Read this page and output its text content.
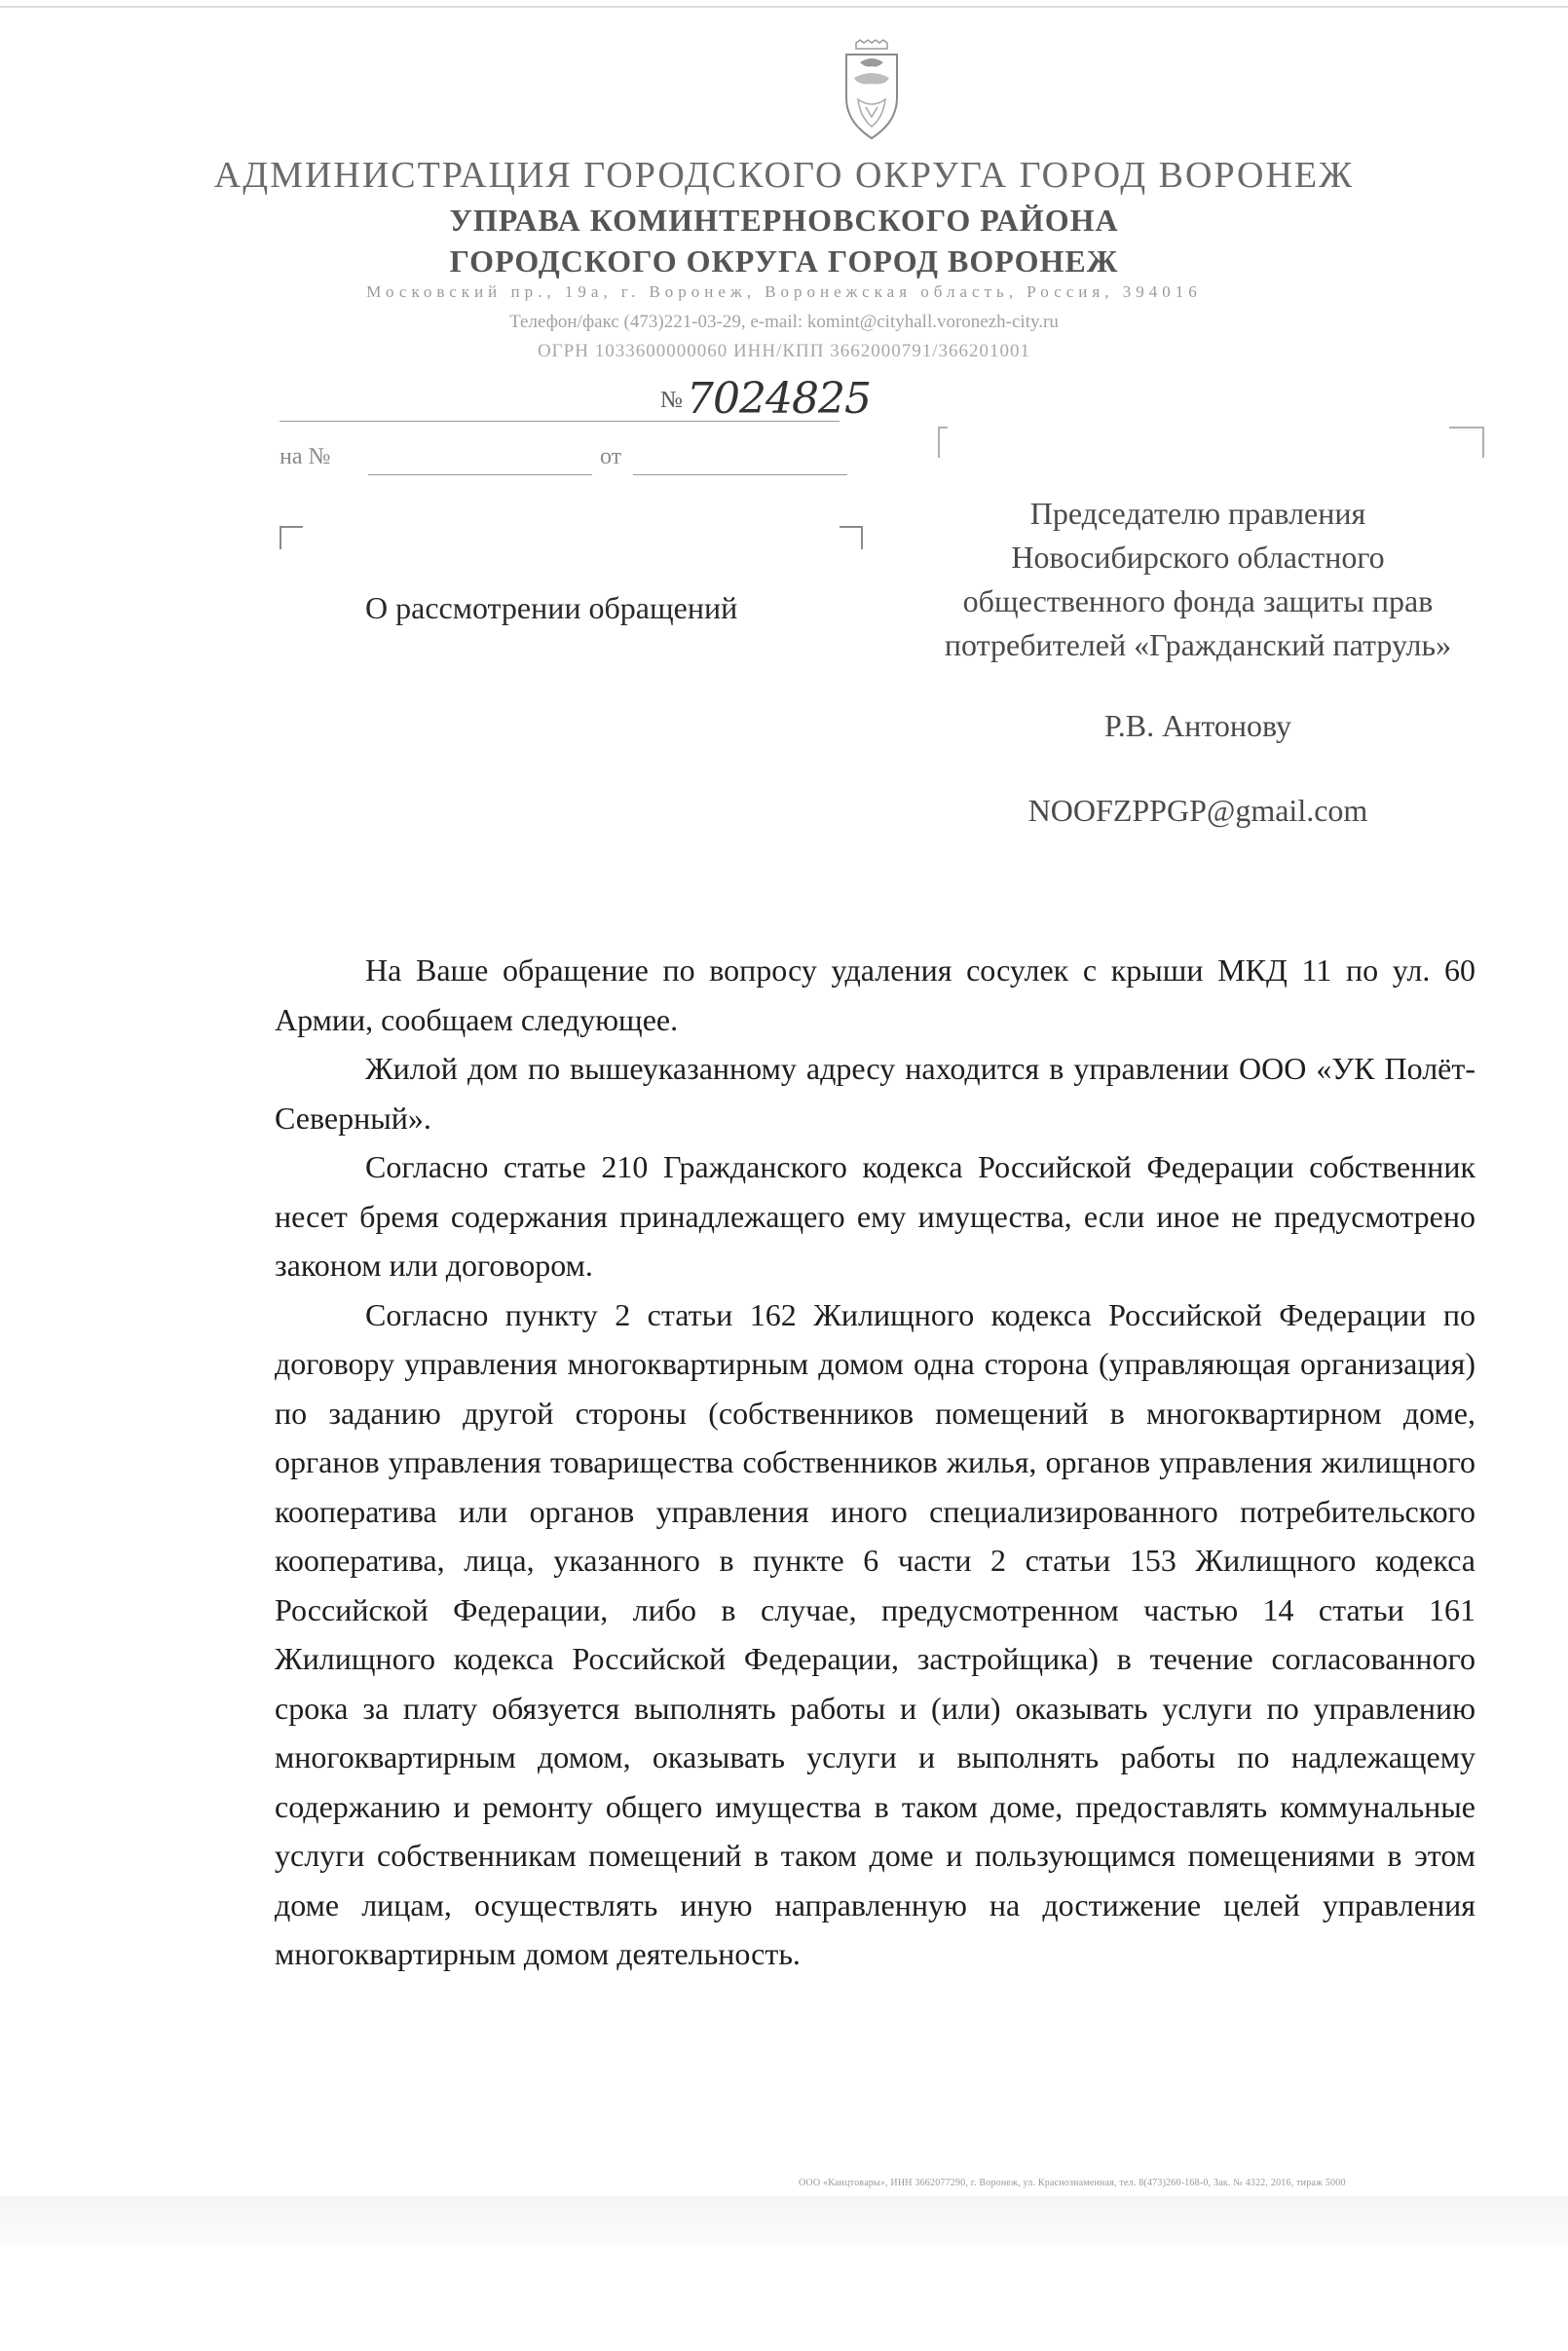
АДМИНИСТРАЦИЯ ГОРОДСКОГО ОКРУГА ГОРОД ВОРОНЕЖ
УПРАВА КОМИНТЕРНОВСКОГО РАЙОНА
ГОРОДСКОГО ОКРУГА ГОРОД ВОРОНЕЖ
Московский пр., 19а, г. Воронеж, Воронежская область, Россия, 394016
Телефон/факс (473)221-03-29, e-mail: komint@cityhall.voronezh-city.ru
ОГРН 1033600000060 ИНН/КПП 3662000791/366201001
№ 7024825
на №	от
О рассмотрении обращений
Председателю правления
Новосибирского областного
общественного фонда защиты прав
потребителей «Гражданский патруль»
Р.В. Антонову
NOOFZPPGP@gmail.com

На Ваше обращение по вопросу удаления сосулек с крыши МКД 11 по ул. 60 Армии, сообщаем следующее.

Жилой дом по вышеуказанному адресу находится в управлении ООО «УК Полёт-Северный».

Согласно статье 210 Гражданского кодекса Российской Федерации собственник несет бремя содержания принадлежащего ему имущества, если иное не предусмотрено законом или договором.

Согласно пункту 2 статьи 162 Жилищного кодекса Российской Федерации по договору управления многоквартирным домом одна сторона (управляющая организация) по заданию другой стороны (собственников помещений в многоквартирном доме, органов управления товарищества собственников жилья, органов управления жилищного кооператива или органов управления иного специализированного потребительского кооператива, лица, указанного в пункте 6 части 2 статьи 153 Жилищного кодекса Российской Федерации, либо в случае, предусмотренном частью 14 статьи 161 Жилищного кодекса Российской Федерации, застройщика) в течение согласованного срока за плату обязуется выполнять работы и (или) оказывать услуги по управлению многоквартирным домом, оказывать услуги и выполнять работы по надлежащему содержанию и ремонту общего имущества в таком доме, предоставлять коммунальные услуги собственникам помещений в таком доме и пользующимся помещениями в этом доме лицам, осуществлять иную направленную на достижение целей управления многоквартирным домом деятельность.

ООО «Канцтовары», ИНН 3662077290, г. Воронеж, ул. Краснознаменная, тел. 8(473)260-168-0, Зак. № 4322, 2016, тираж 5000
